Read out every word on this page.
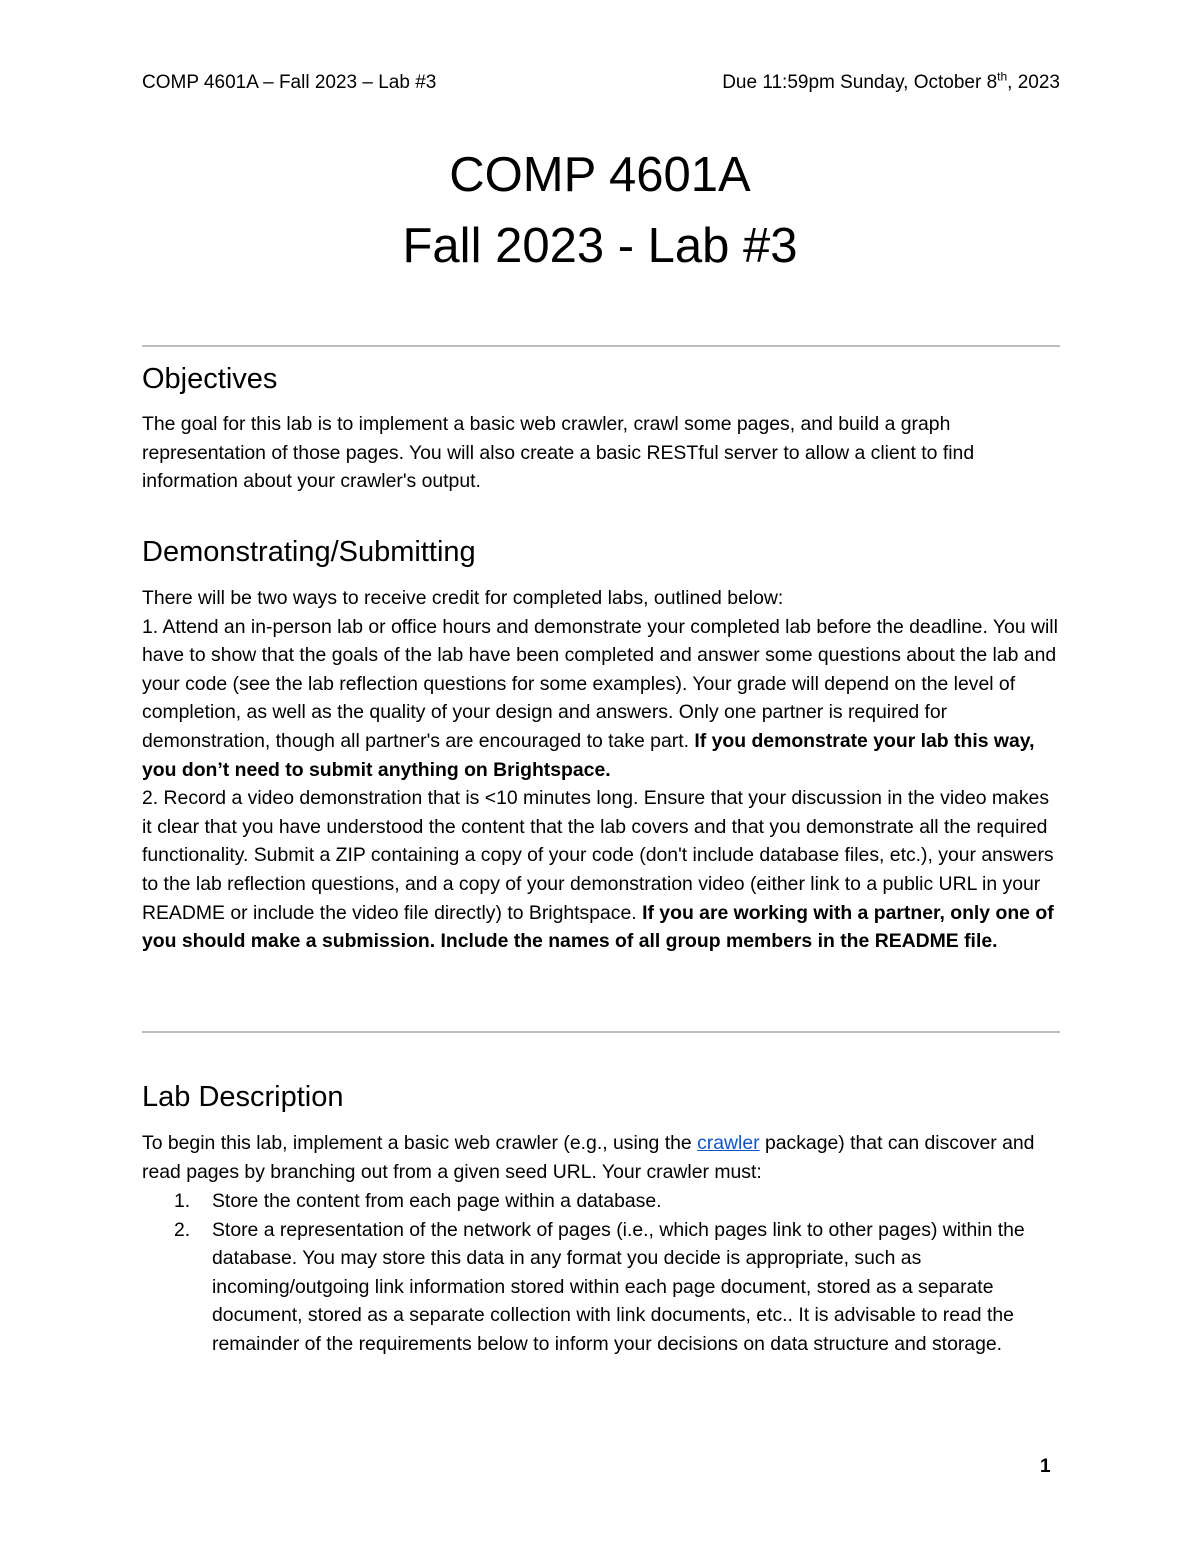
COMP 4601A – Fall 2023 – Lab #3	Due 11:59pm Sunday, October 8th, 2023
COMP 4601A
Fall 2023 - Lab #3
Objectives
The goal for this lab is to implement a basic web crawler, crawl some pages, and build a graph representation of those pages. You will also create a basic RESTful server to allow a client to find information about your crawler's output.
Demonstrating/Submitting
There will be two ways to receive credit for completed labs, outlined below:
1. Attend an in-person lab or office hours and demonstrate your completed lab before the deadline. You will have to show that the goals of the lab have been completed and answer some questions about the lab and your code (see the lab reflection questions for some examples). Your grade will depend on the level of completion, as well as the quality of your design and answers. Only one partner is required for demonstration, though all partner's are encouraged to take part. If you demonstrate your lab this way, you don’t need to submit anything on Brightspace.
2. Record a video demonstration that is <10 minutes long. Ensure that your discussion in the video makes it clear that you have understood the content that the lab covers and that you demonstrate all the required functionality. Submit a ZIP containing a copy of your code (don't include database files, etc.), your answers to the lab reflection questions, and a copy of your demonstration video (either link to a public URL in your README or include the video file directly) to Brightspace. If you are working with a partner, only one of you should make a submission. Include the names of all group members in the README file.
Lab Description
To begin this lab, implement a basic web crawler (e.g., using the crawler package) that can discover and read pages by branching out from a given seed URL. Your crawler must:
1. Store the content from each page within a database.
2. Store a representation of the network of pages (i.e., which pages link to other pages) within the database. You may store this data in any format you decide is appropriate, such as incoming/outgoing link information stored within each page document, stored as a separate document, stored as a separate collection with link documents, etc.. It is advisable to read the remainder of the requirements below to inform your decisions on data structure and storage.
1
